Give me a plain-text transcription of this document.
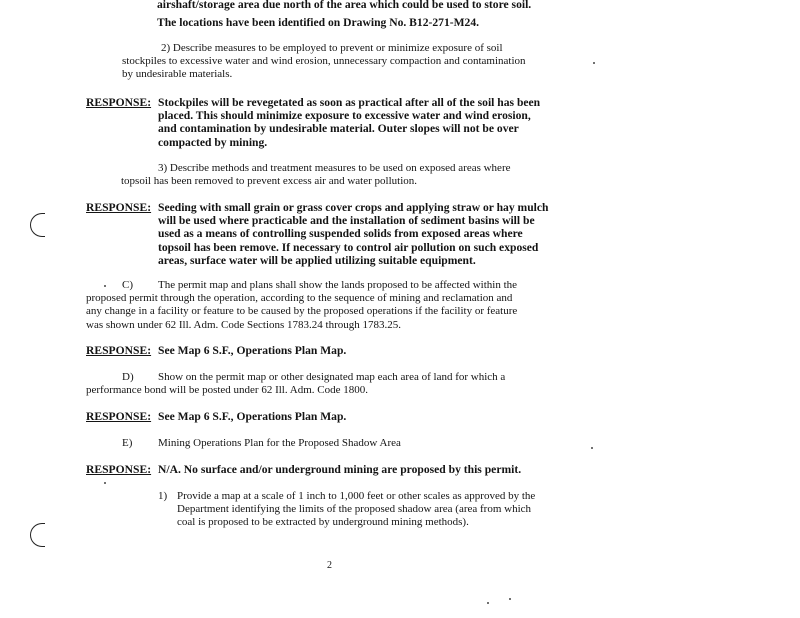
airshaft/storage area due north of the area which could be used to store soil.
The locations have been identified on Drawing No. B12-271-M24.
2) Describe measures to be employed to prevent or minimize exposure of soil
stockpiles to excessive water and wind erosion, unnecessary compaction and contamination
by undesirable materials.
RESPONSE: Stockpiles will be revegetated as soon as practical after all of the soil has been
placed. This should minimize exposure to excessive water and wind erosion,
and contamination by undesirable material. Outer slopes will not be over
compacted by mining.
3) Describe methods and treatment measures to be used on exposed areas where
topsoil has been removed to prevent excess air and water pollution.
RESPONSE: Seeding with small grain or grass cover crops and applying straw or hay mulch
will be used where practicable and the installation of sediment basins will be
used as a means of controlling suspended solids from exposed areas where
topsoil has been remove. If necessary to control air pollution on such exposed
areas, surface water will be applied utilizing suitable equipment.
C)	The permit map and plans shall show the lands proposed to be affected within the
proposed permit through the operation, according to the sequence of mining and reclamation and
any change in a facility or feature to be caused by the proposed operations if the facility or feature
was shown under 62 Ill. Adm. Code Sections 1783.24 through 1783.25.
RESPONSE: See Map 6 S.F., Operations Plan Map.
D)	Show on the permit map or other designated map each area of land for which a
performance bond will be posted under 62 Ill. Adm. Code 1800.
RESPONSE: See Map 6 S.F., Operations Plan Map.
E) Mining Operations Plan for the Proposed Shadow Area
RESPONSE: N/A. No surface and/or underground mining are proposed by this permit.
1) Provide a map at a scale of 1 inch to 1,000 feet or other scales as approved by the
Department identifying the limits of the proposed shadow area (area from which
coal is proposed to be extracted by underground mining methods).
2
